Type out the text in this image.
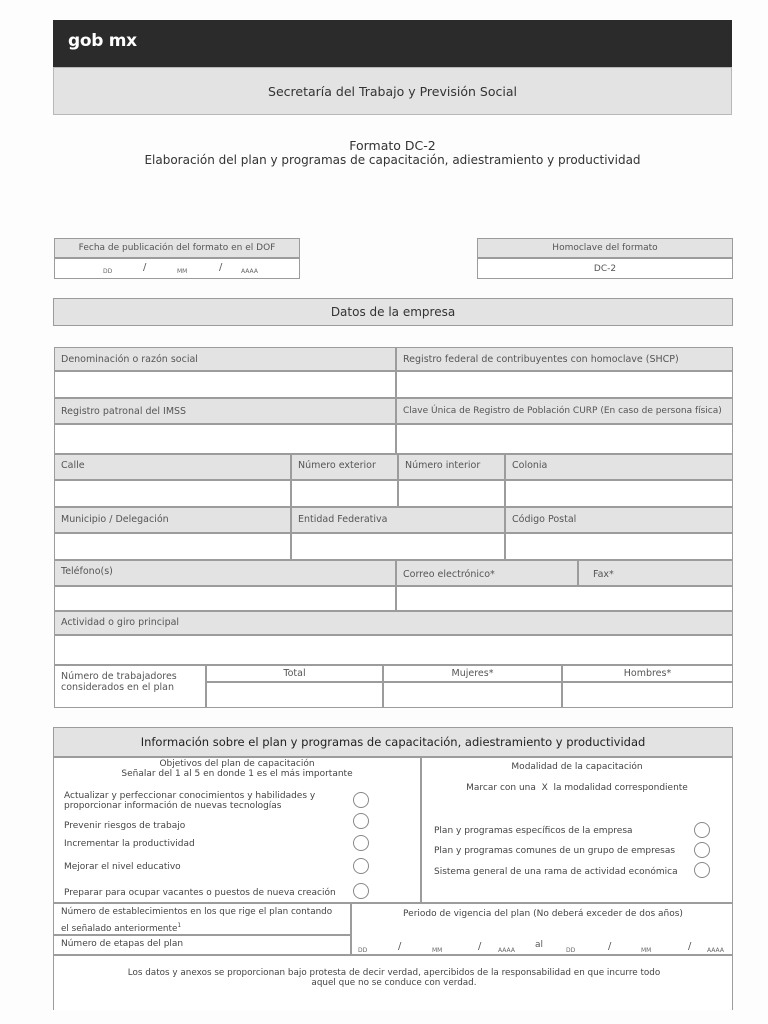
gob mx
Secretaría del Trabajo y Previsión Social
Formato DC-2
Elaboración del plan y programas de capacitación, adiestramiento y productividad
Fecha de publicación del formato en el DOF
DD	/	MM	/	AAAA
Homoclave del formato
DC-2
Datos de la empresa
Denominación o razón social	Registro federal de contribuyentes con homoclave (SHCP)
Registro patronal del IMSS	Clave Única de Registro de Población CURP (En caso de persona física)
Calle	Número exterior	Número interior	Colonia
Municipio / Delegación	Entidad Federativa	Código Postal
Teléfono(s)	Correo electrónico*	Fax*
Actividad o giro principal
Número de trabajadores
considerados en el plan
Total	Mujeres*	Hombres*
Información sobre el plan y programas de capacitación, adiestramiento y productividad
Objetivos del plan de capacitación
Señalar del 1 al 5 en donde 1 es el más importante
Actualizar y perfeccionar conocimientos y habilidades y
proporcionar información de nuevas tecnologías
Prevenir riesgos de trabajo
Incrementar la productividad
Mejorar el nivel educativo
Preparar para ocupar vacantes o puestos de nueva creación
Modalidad de la capacitación
Marcar con una  X  la modalidad correspondiente
Plan y programas específicos de la empresa
Plan y programas comunes de un grupo de empresas
Sistema general de una rama de actividad económica
Número de establecimientos en los que rige el plan contando
el señalado anteriormente$^1$
Número de etapas del plan
Periodo de vigencia del plan (No deberá exceder de dos años)
DD	/	MM	/	AAAA
al
DD	/	MM	/	AAAA
Los datos y anexos se proporcionan bajo protesta de decir verdad, apercibidos de la responsabilidad en que incurre todo
aquel que no se conduce con verdad.
